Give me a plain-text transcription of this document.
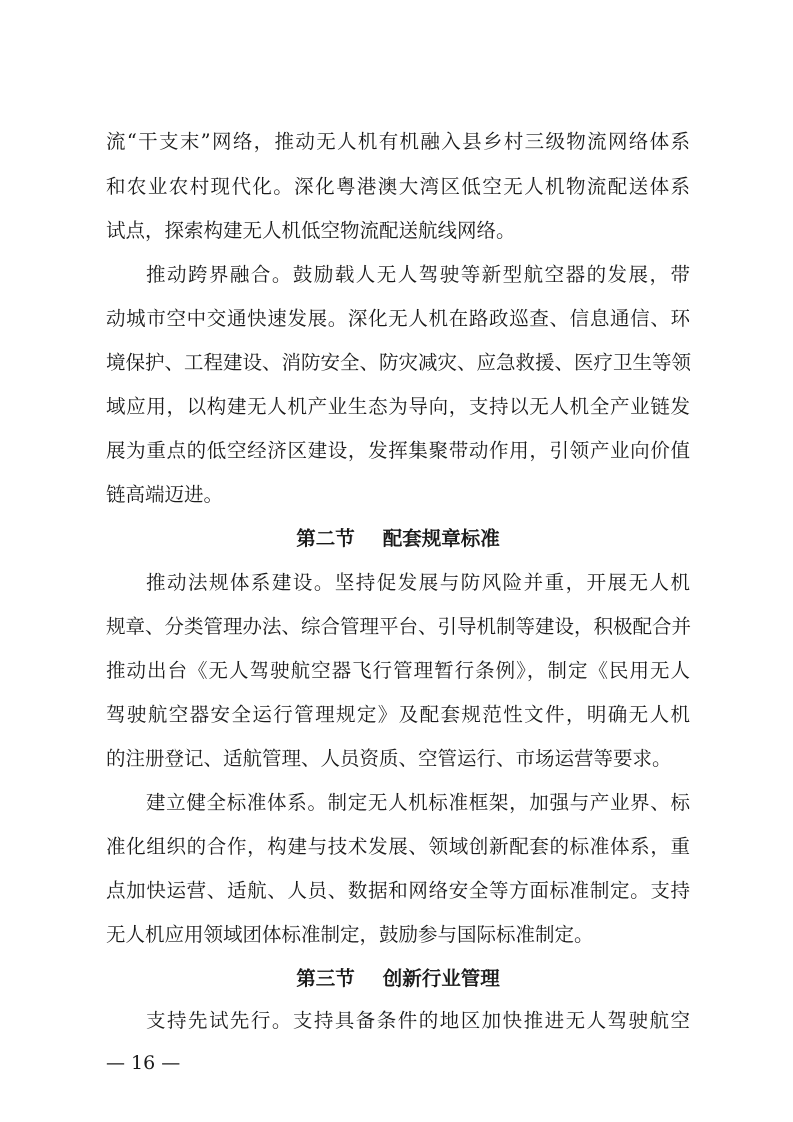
流“干支末”网络，推动无人机有机融入县乡村三级物流网络体系
和农业农村现代化。深化粤港澳大湾区低空无人机物流配送体系
试点，探索构建无人机低空物流配送航线网络。
推动跨界融合。鼓励载人无人驾驶等新型航空器的发展，带
动城市空中交通快速发展。深化无人机在路政巡查、信息通信、环
境保护、工程建设、消防安全、防灾减灾、应急救援、医疗卫生等领
域应用，以构建无人机产业生态为导向，支持以无人机全产业链发
展为重点的低空经济区建设，发挥集聚带动作用，引领产业向价值
链高端迈进。
第二节 配套规章标准
推动法规体系建设。坚持促发展与防风险并重，开展无人机
规章、分类管理办法、综合管理平台、引导机制等建设，积极配合并
推动出台《无人驾驶航空器飞行管理暂行条例》，制定《民用无人
驾驶航空器安全运行管理规定》及配套规范性文件，明确无人机
的注册登记、适航管理、人员资质、空管运行、市场运营等要求。
建立健全标准体系。制定无人机标准框架，加强与产业界、标
准化组织的合作，构建与技术发展、领域创新配套的标准体系，重
点加快运营、适航、人员、数据和网络安全等方面标准制定。支持
无人机应用领域团体标准制定，鼓励参与国际标准制定。
第三节 创新行业管理
支持先试先行。支持具备条件的地区加快推进无人驾驶航空
— 16 —
